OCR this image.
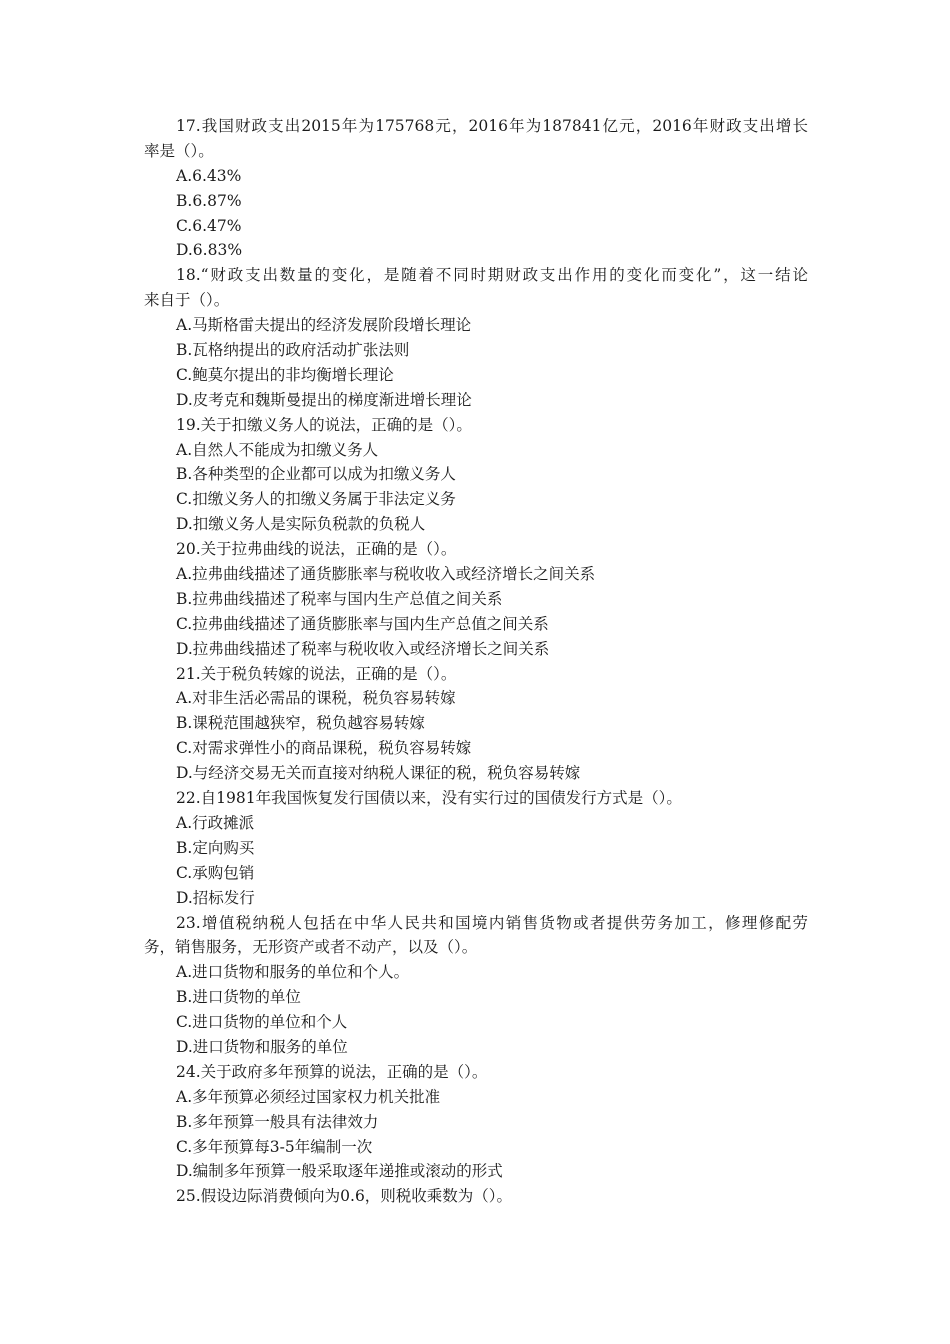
17.我国财政支出2015年为175768元，2016年为187841亿元，2016年财政支出增长
率是（）。
A.6.43%
B.6.87%
C.6.47%
D.6.83%
18.“财政支出数量的变化，是随着不同时期财政支出作用的变化而变化”，这一结论
来自于（）。
A.马斯格雷夫提出的经济发展阶段增长理论
B.瓦格纳提出的政府活动扩张法则
C.鲍莫尔提出的非均衡增长理论
D.皮考克和魏斯曼提出的梯度渐进增长理论
19.关于扣缴义务人的说法，正确的是（）。
A.自然人不能成为扣缴义务人
B.各种类型的企业都可以成为扣缴义务人
C.扣缴义务人的扣缴义务属于非法定义务
D.扣缴义务人是实际负税款的负税人
20.关于拉弗曲线的说法，正确的是（）。
A.拉弗曲线描述了通货膨胀率与税收收入或经济增长之间关系
B.拉弗曲线描述了税率与国内生产总值之间关系
C.拉弗曲线描述了通货膨胀率与国内生产总值之间关系
D.拉弗曲线描述了税率与税收收入或经济增长之间关系
21.关于税负转嫁的说法，正确的是（）。
A.对非生活必需品的课税，税负容易转嫁
B.课税范围越狭窄，税负越容易转嫁
C.对需求弹性小的商品课税，税负容易转嫁
D.与经济交易无关而直接对纳税人课征的税，税负容易转嫁
22.自1981年我国恢复发行国债以来，没有实行过的国债发行方式是（）。
A.行政摊派
B.定向购买
C.承购包销
D.招标发行
23.增值税纳税人包括在中华人民共和国境内销售货物或者提供劳务加工，修理修配劳
务，销售服务，无形资产或者不动产，以及（）。
A.进口货物和服务的单位和个人。
B.进口货物的单位
C.进口货物的单位和个人
D.进口货物和服务的单位
24.关于政府多年预算的说法，正确的是（）。
A.多年预算必须经过国家权力机关批准
B.多年预算一般具有法律效力
C.多年预算每3-5年编制一次
D.编制多年预算一般采取逐年递推或滚动的形式
25.假设边际消费倾向为0.6，则税收乘数为（）。
